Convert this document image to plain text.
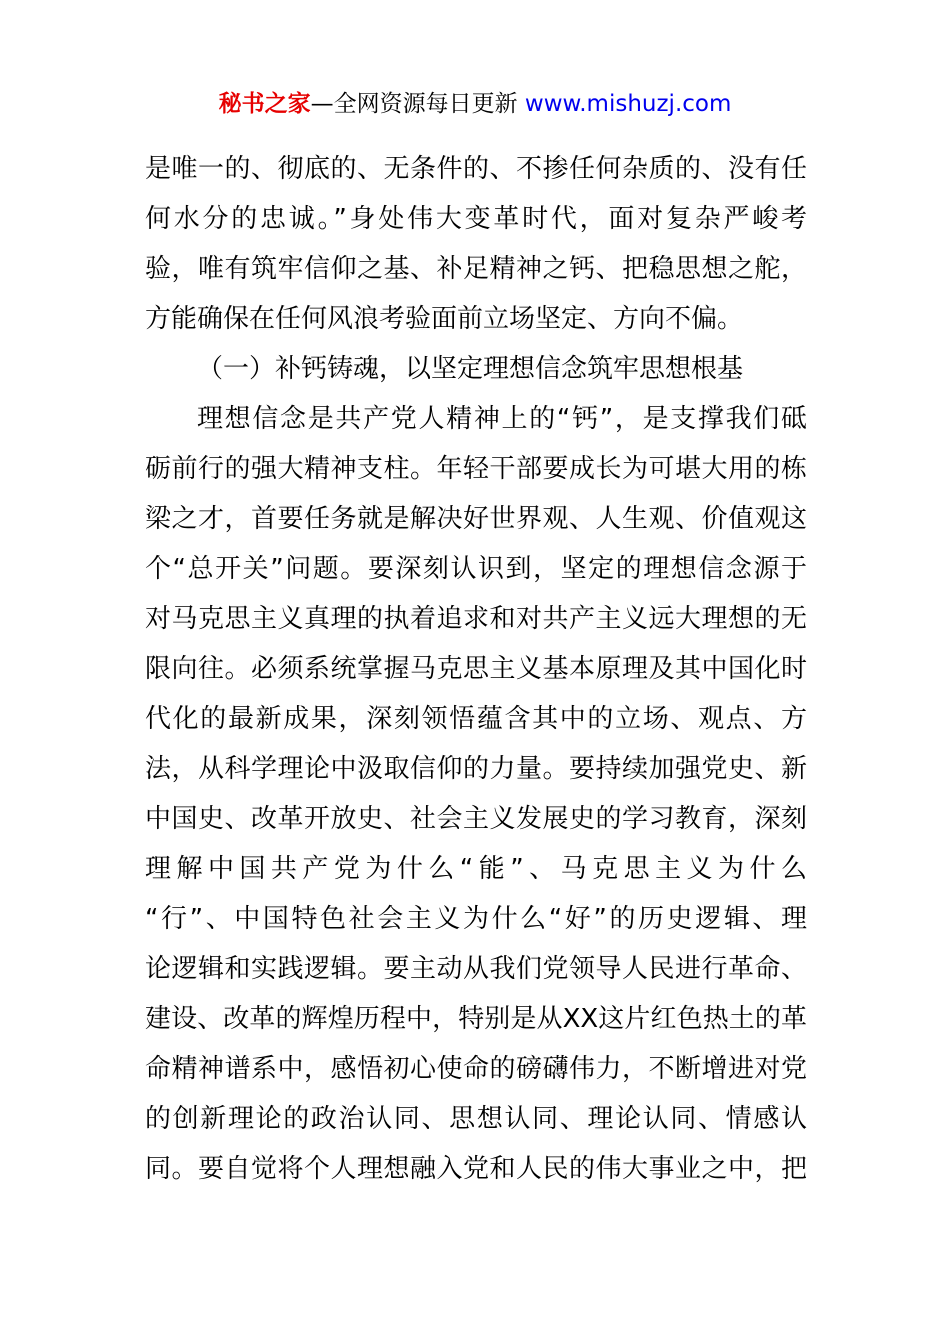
秘书之家—全网资源每日更新 www.mishuzj.com
是唯一的、彻底的、无条件的、不掺任何杂质的、没有任
何水分的忠诚。”身处伟大变革时代，面对复杂严峻考
验，唯有筑牢信仰之基、补足精神之钙、把稳思想之舵，
方能确保在任何风浪考验面前立场坚定、方向不偏。
（一）补钙铸魂，以坚定理想信念筑牢思想根基
理想信念是共产党人精神上的“钙”，是支撑我们砥
砺前行的强大精神支柱。年轻干部要成长为可堪大用的栋
梁之才，首要任务就是解决好世界观、人生观、价值观这
个“总开关”问题。要深刻认识到，坚定的理想信念源于
对马克思主义真理的执着追求和对共产主义远大理想的无
限向往。必须系统掌握马克思主义基本原理及其中国化时
代化的最新成果，深刻领悟蕴含其中的立场、观点、方
法，从科学理论中汲取信仰的力量。要持续加强党史、新
中国史、改革开放史、社会主义发展史的学习教育，深刻
理解中国共产党为什么“能”、马克思主义为什么
“行”、中国特色社会主义为什么“好”的历史逻辑、理
论逻辑和实践逻辑。要主动从我们党领导人民进行革命、
建设、改革的辉煌历程中，特别是从XX这片红色热土的革
命精神谱系中，感悟初心使命的磅礴伟力，不断增进对党
的创新理论的政治认同、思想认同、理论认同、情感认
同。要自觉将个人理想融入党和人民的伟大事业之中，把
